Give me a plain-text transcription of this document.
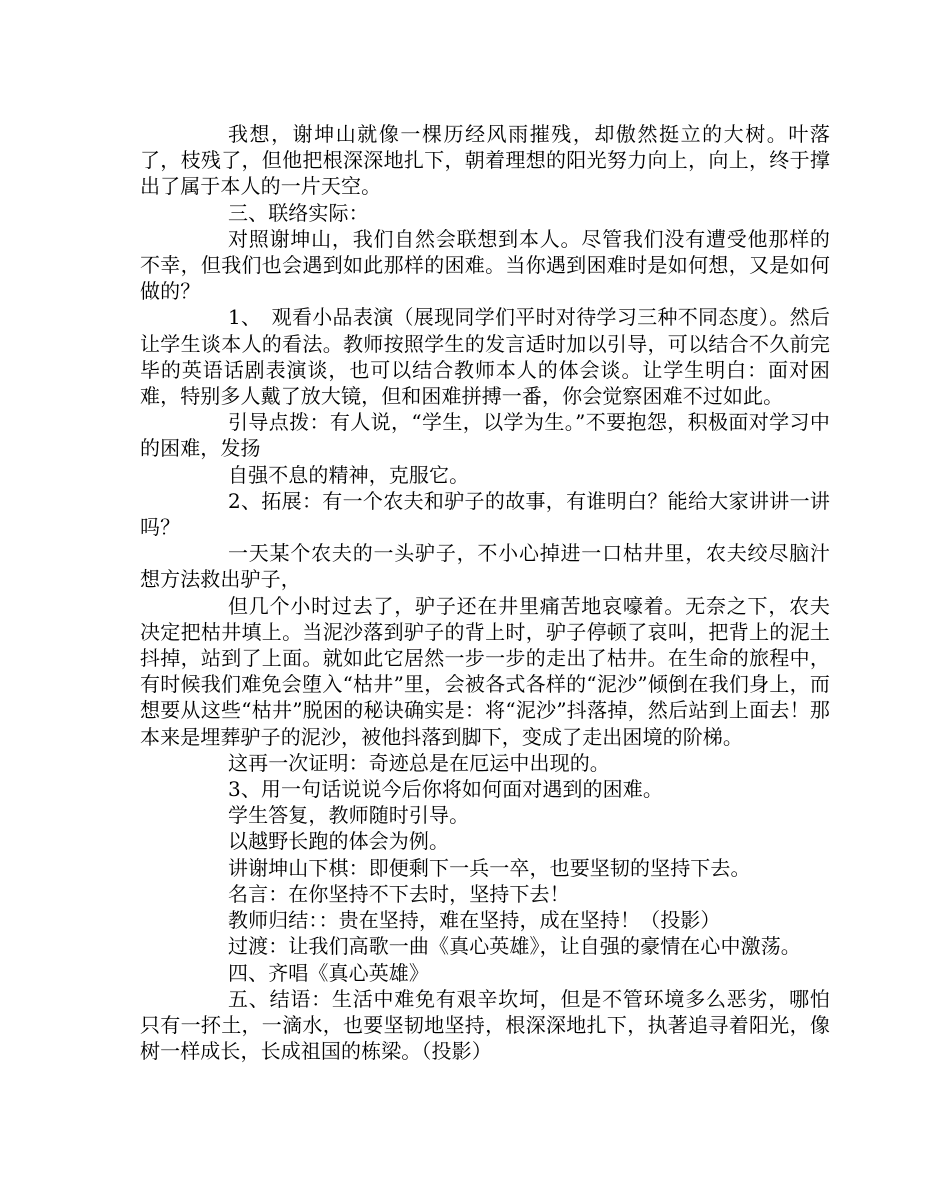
我想，谢坤山就像一棵历经风雨摧残，却傲然挺立的大树。叶落了，枝残了，但他把根深深地扎下，朝着理想的阳光努力向上，向上，终于撑出了属于本人的一片天空。

三、联络实际：

对照谢坤山，我们自然会联想到本人。尽管我们没有遭受他那样的不幸，但我们也会遇到如此那样的困难。当你遇到困难时是如何想，又是如何做的？

1、　观看小品表演（展现同学们平时对待学习三种不同态度）。然后让学生谈本人的看法。教师按照学生的发言适时加以引导，可以结合不久前完毕的英语话剧表演谈，也可以结合教师本人的体会谈。让学生明白：面对困难，特别多人戴了放大镜，但和困难拼搏一番，你会觉察困难不过如此。

引导点拨：有人说，“学生，以学为生。”不要抱怨，积极面对学习中的困难，发扬

自强不息的精神，克服它。

2、拓展：有一个农夫和驴子的故事，有谁明白？能给大家讲讲一讲吗？

一天某个农夫的一头驴子，不小心掉进一口枯井里，农夫绞尽脑汁想方法救出驴子，

但几个小时过去了，驴子还在井里痛苦地哀嚎着。无奈之下，农夫决定把枯井填上。当泥沙落到驴子的背上时，驴子停顿了哀叫，把背上的泥土抖掉，站到了上面。就如此它居然一步一步的走出了枯井。在生命的旅程中，有时候我们难免会堕入“枯井”里，会被各式各样的“泥沙”倾倒在我们身上，而想要从这些“枯井”脱困的秘诀确实是：将“泥沙”抖落掉，然后站到上面去！那本来是埋葬驴子的泥沙，被他抖落到脚下，变成了走出困境的阶梯。

这再一次证明：奇迹总是在厄运中出现的。

3、用一句话说说今后你将如何面对遇到的困难。

学生答复，教师随时引导。

以越野长跑的体会为例。

讲谢坤山下棋：即便剩下一兵一卒，也要坚韧的坚持下去。

名言：在你坚持不下去时，坚持下去！

教师归结：：贵在坚持，难在坚持，成在坚持！（投影）

过渡：让我们高歌一曲《真心英雄》，让自强的豪情在心中激荡。

四、齐唱《真心英雄》

五、结语：生活中难免有艰辛坎坷，但是不管环境多么恶劣，哪怕只有一抔土，一滴水，也要坚韧地坚持，根深深地扎下，执著追寻着阳光，像树一样成长，长成祖国的栋梁。（投影）
